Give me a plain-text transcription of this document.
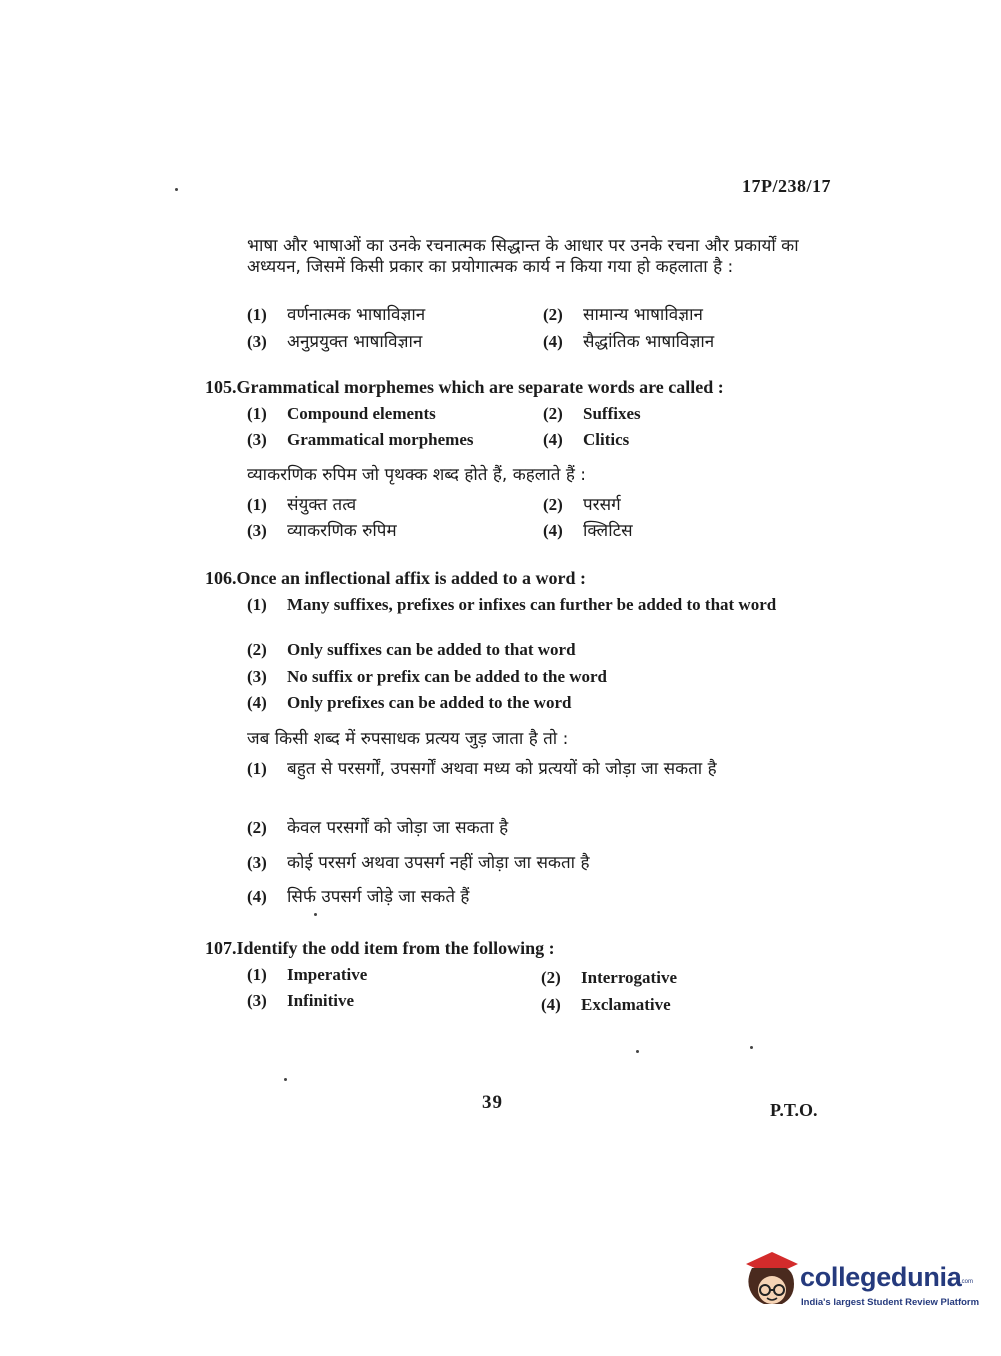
17P/238/17
भाषा और भाषाओं का उनके रचनात्मक सिद्धान्त के आधार पर उनके रचना और प्रकार्यों का अध्ययन, जिसमें किसी प्रकार का प्रयोगात्मक कार्य न किया गया हो कहलाता है :
(1) वर्णनात्मक भाषाविज्ञान	(2) सामान्य भाषाविज्ञान
(3) अनुप्रयुक्त भाषाविज्ञान	(4) सैद्धांतिक भाषाविज्ञान
105.Grammatical morphemes which are separate words are called :
(1) Compound elements	(2) Suffixes
(3) Grammatical morphemes	(4) Clitics
व्याकरणिक रुपिम जो पृथक्क शब्द होते हैं, कहलाते हैं :
(1) संयुक्त तत्व	(2) परसर्ग
(3) व्याकरणिक रुपिम	(4) क्लिटिस
106.Once an inflectional affix is added to a word :
(1)	Many suffixes, prefixes or infixes can further be added to that word
(2) Only suffixes can be added to that word
(3) No suffix or prefix can be added to the word
(4) Only prefixes can be added to the word
जब किसी शब्द में रुपसाधक प्रत्यय जुड़ जाता है तो :
(1)	बहुत से परसर्गों, उपसर्गों अथवा मध्य को प्रत्ययों को जोड़ा जा सकता है
(2) केवल परसर्गों को जोड़ा जा सकता है
(3) कोई परसर्ग अथवा उपसर्ग नहीं जोड़ा जा सकता है
(4) सिर्फ उपसर्ग जोड़े जा सकते हैं
107.Identify the odd item from the following :
(1) Imperative	(2) Interrogative
(3) Infinitive	(4) Exclamative
39	P.T.O.
collegedunia
.com
India's largest Student Review Platform
